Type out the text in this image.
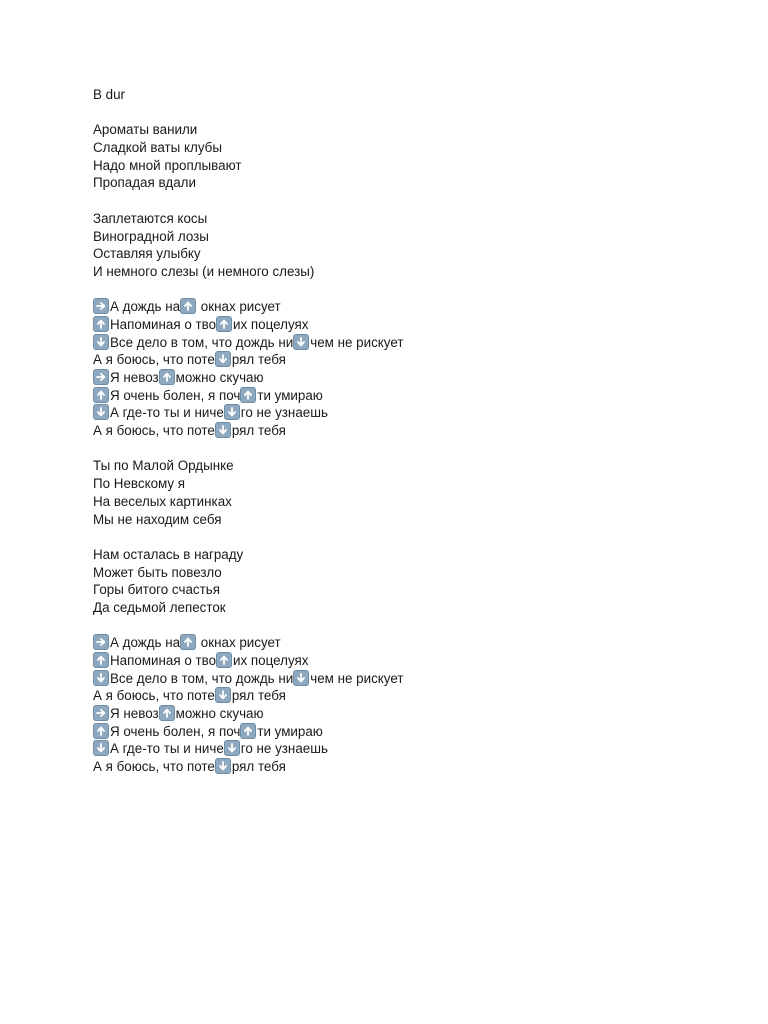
B dur
Ароматы ванили
Сладкой ваты клубы
Надо мной проплывают
Пропадая вдали
Заплетаются косы
Виноградной лозы
Оставляя улыбку
И немного слезы (и немного слезы)
А дождь на
окнах рисует
Напоминая о тво их поцелуях
Все дело в том, что дождь ни чем не рискует
А я боюсь, что поте рял тебя
Я невоз можно скучаю
Я очень болен, я поч ти умираю
А где-то ты и ниче го не узнаешь
А я боюсь, что поте рял тебя
Ты по Малой Ордынке
По Невскому я
На веселых картинках
Мы не находим себя
Нам осталась в награду
Может быть повезло
Горы битого счастья
Да седьмой лепесток
А дождь на
окнах рисует
Напоминая о тво их поцелуях
Все дело в том, что дождь ни чем не рискует
А я боюсь, что поте рял тебя
Я невоз можно скучаю
Я очень болен, я поч ти умираю
А где-то ты и ниче го не узнаешь
А я боюсь, что поте рял тебя
